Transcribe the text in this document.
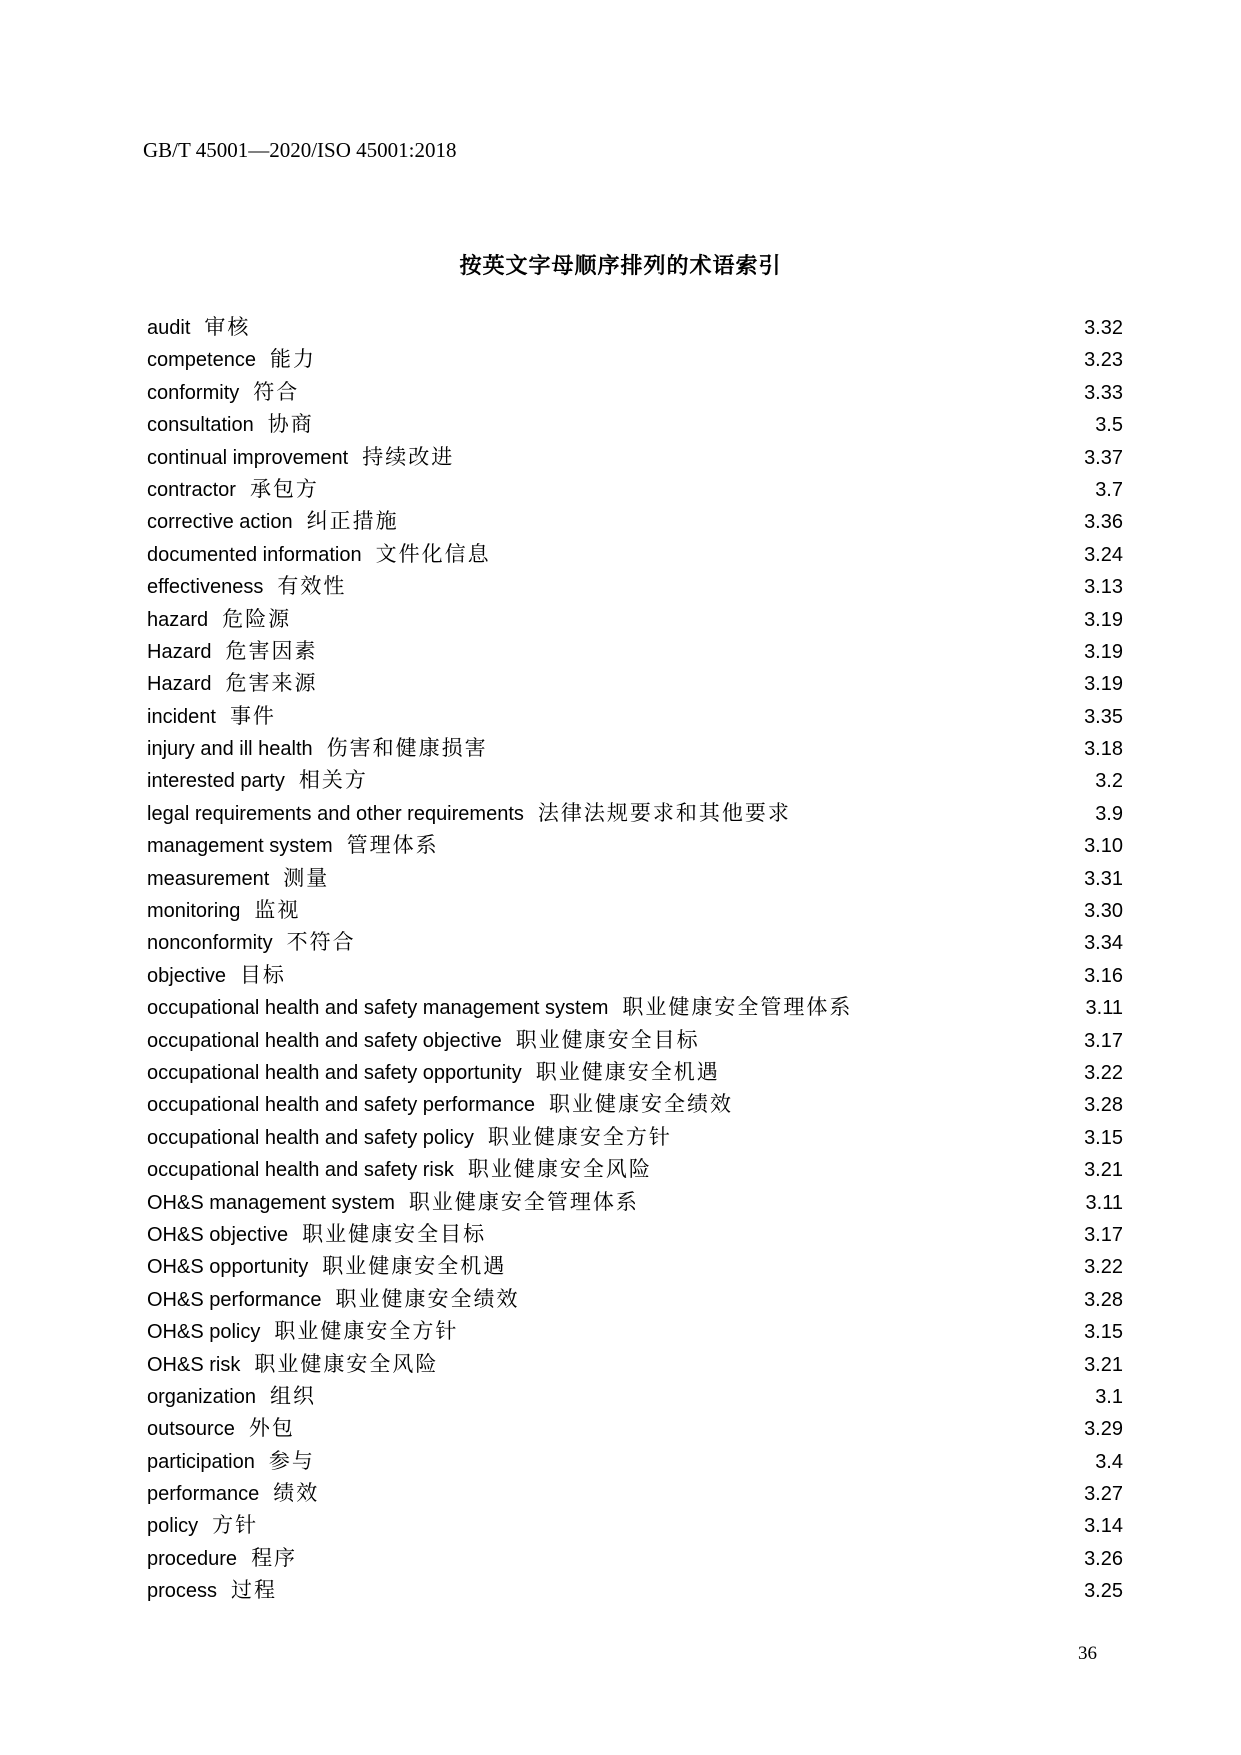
GB/T 45001—2020/ISO 45001:2018
按英文字母顺序排列的术语索引
audit 审核	3.32
competence 能力	3.23
conformity 符合	3.33
consultation 协商	3.5
continual improvement 持续改进	3.37
contractor 承包方	3.7
corrective action 纠正措施	3.36
documented information 文件化信息	3.24
effectiveness 有效性	3.13
hazard 危险源	3.19
Hazard 危害因素	3.19
Hazard 危害来源	3.19
incident 事件	3.35
injury and ill health 伤害和健康损害	3.18
interested party 相关方	3.2
legal requirements and other requirements 法律法规要求和其他要求	3.9
management system 管理体系	3.10
measurement 测量	3.31
monitoring 监视	3.30
nonconformity 不符合	3.34
objective 目标	3.16
occupational health and safety management system 职业健康安全管理体系	3.11
occupational health and safety objective 职业健康安全目标	3.17
occupational health and safety opportunity 职业健康安全机遇	3.22
occupational health and safety performance 职业健康安全绩效	3.28
occupational health and safety policy 职业健康安全方针	3.15
occupational health and safety risk 职业健康安全风险	3.21
OH&S management system 职业健康安全管理体系	3.11
OH&S objective 职业健康安全目标	3.17
OH&S opportunity 职业健康安全机遇	3.22
OH&S performance 职业健康安全绩效	3.28
OH&S policy 职业健康安全方针	3.15
OH&S risk 职业健康安全风险	3.21
organization 组织	3.1
outsource 外包	3.29
participation 参与	3.4
performance 绩效	3.27
policy 方针	3.14
procedure 程序	3.26
process 过程	3.25
36
